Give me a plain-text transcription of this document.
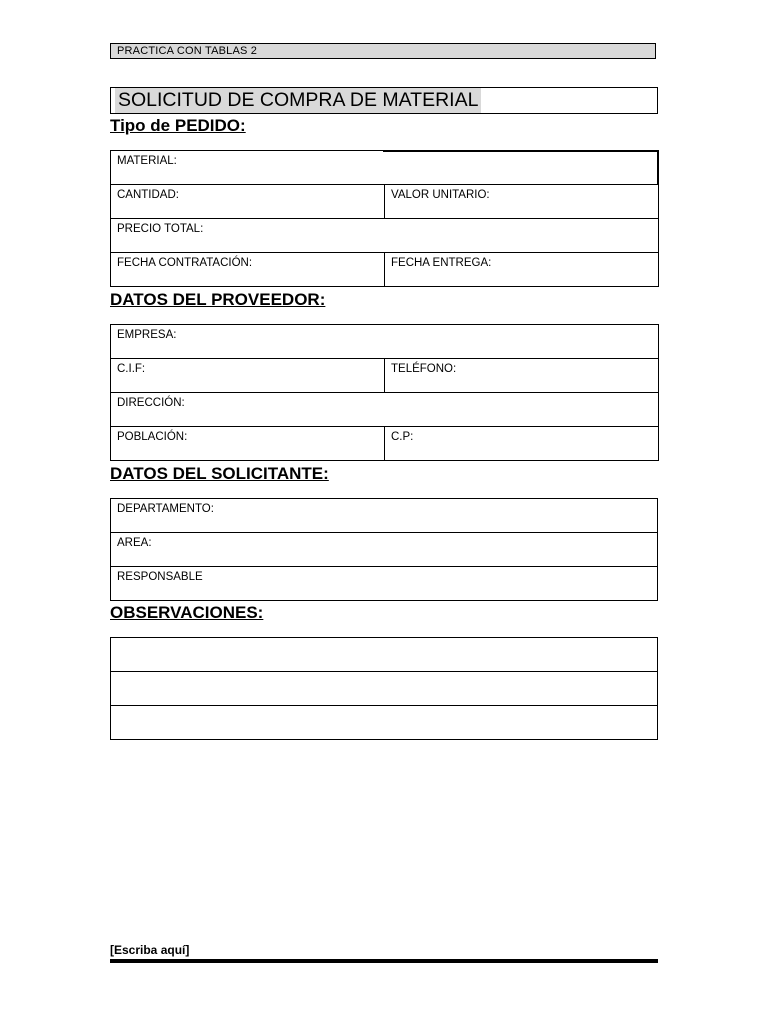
PRACTICA CON TABLAS 2
SOLICITUD DE COMPRA DE MATERIAL
Tipo de PEDIDO:
MATERIAL:	

CANTIDAD:	VALOR UNITARIO:

PRECIO TOTAL:	

FECHA CONTRATACIÓN:	FECHA ENTREGA:
DATOS DEL PROVEEDOR:
EMPRESA:	

C.I.F:	TELÉFONO:

DIRECCIÓN:	

POBLACIÓN:	C.P:
DATOS DEL SOLICITANTE:
DEPARTAMENTO:

AREA:

RESPONSABLE
OBSERVACIONES:

[Escriba aquí]
